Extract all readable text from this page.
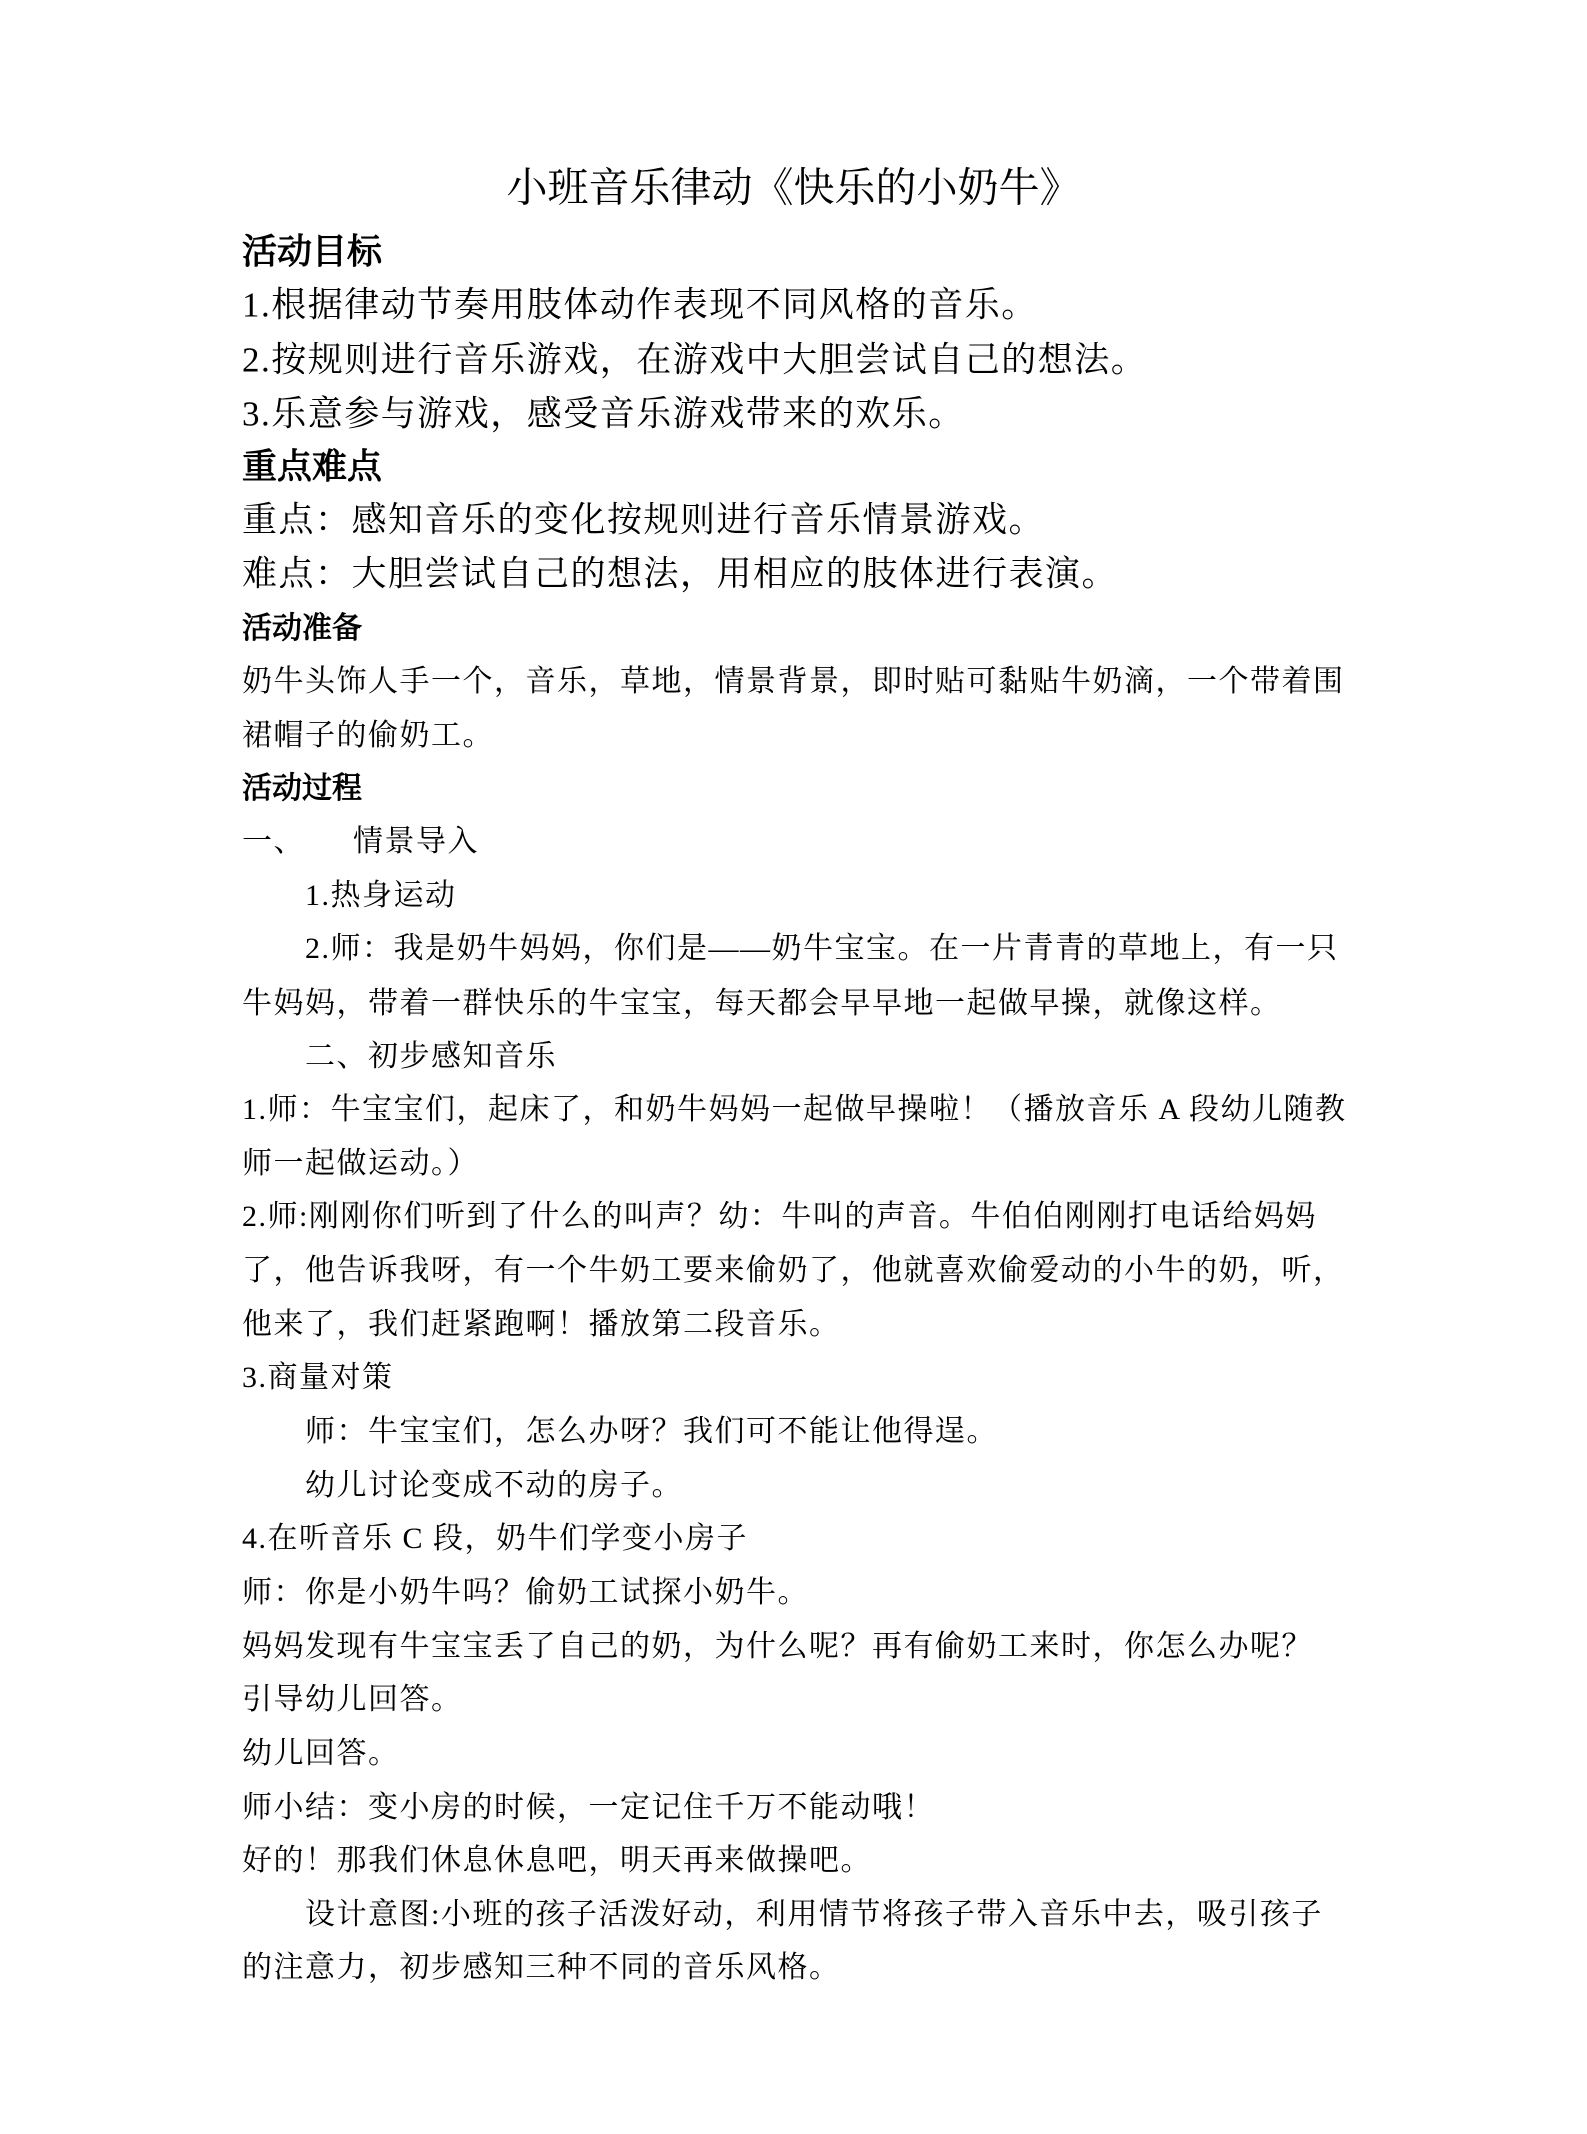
小班音乐律动《快乐的小奶牛》
活动目标
1.根据律动节奏用肢体动作表现不同风格的音乐。
2.按规则进行音乐游戏，在游戏中大胆尝试自己的想法。
3.乐意参与游戏，感受音乐游戏带来的欢乐。
重点难点
重点：感知音乐的变化按规则进行音乐情景游戏。
难点：大胆尝试自己的想法，用相应的肢体进行表演。
活动准备
奶牛头饰人手一个，音乐，草地，情景背景，即时贴可黏贴牛奶滴，一个带着围
裙帽子的偷奶工。
活动过程
一、 情景导入
1.热身运动
2.师：我是奶牛妈妈，你们是——奶牛宝宝。在一片青青的草地上，有一只
牛妈妈，带着一群快乐的牛宝宝，每天都会早早地一起做早操，就像这样。
二、初步感知音乐
1.师：牛宝宝们，起床了，和奶牛妈妈一起做早操啦！（播放音乐 A 段幼儿随教
师一起做运动。）
2.师:刚刚你们听到了什么的叫声？幼：牛叫的声音。牛伯伯刚刚打电话给妈妈
了，他告诉我呀，有一个牛奶工要来偷奶了，他就喜欢偷爱动的小牛的奶，听，
他来了，我们赶紧跑啊！播放第二段音乐。
3.商量对策
师：牛宝宝们，怎么办呀？我们可不能让他得逞。
幼儿讨论变成不动的房子。
4.在听音乐 C 段，奶牛们学变小房子
师：你是小奶牛吗？偷奶工试探小奶牛。
妈妈发现有牛宝宝丢了自己的奶，为什么呢？再有偷奶工来时，你怎么办呢？
引导幼儿回答。
幼儿回答。
师小结：变小房的时候，一定记住千万不能动哦！
好的！那我们休息休息吧，明天再来做操吧。
设计意图:小班的孩子活泼好动，利用情节将孩子带入音乐中去，吸引孩子
的注意力，初步感知三种不同的音乐风格。
